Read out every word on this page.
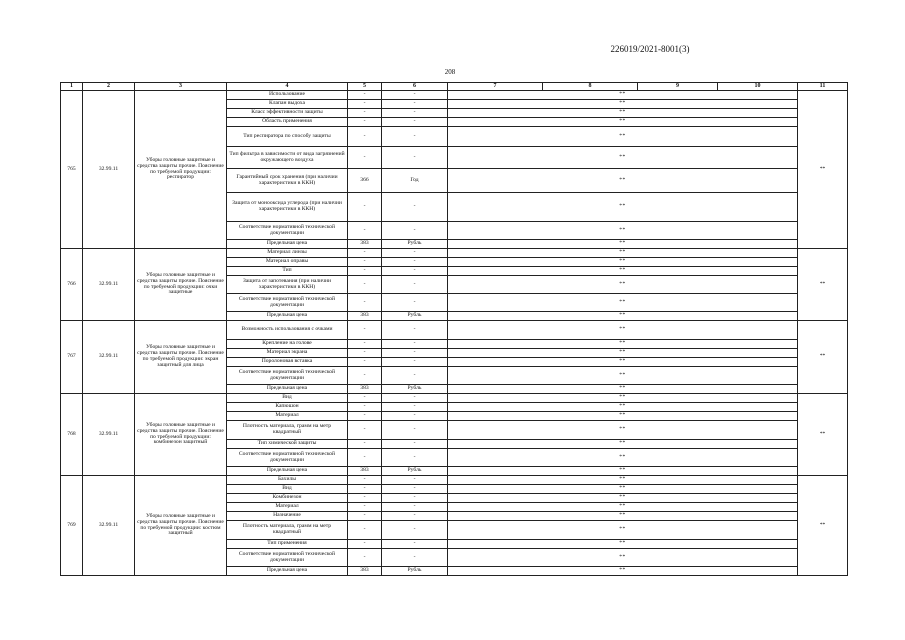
226019/2021-8001(3)
208
1	2	3	4	5	6	7	8	9	10	11
765	32.99.11	Уборы головные защитные и средства защиты прочие. Пояснение по требуемой продукции: респиратор	Использование	-	-	**				**
			Клапан выдоха	-	-	**				
			Класс эффективности защиты	-	-	**				
			Область применения	-	-	**				
			Тип респиратора по способу защиты	-	-	**				
			Тип фильтра в зависимости от вида загрязнений окружающего воздуха	-	-	**				
			Гарантийный срок хранения (при наличии характеристики в ККН)	366	Год	**				
			Защита от монооксида углерода (при наличии характеристики в ККН)	-	-	**				
			Соответствие нормативной технической документации	-	-	**				
			Предельная цена	383	Рубль	**				
766	32.99.11	Уборы головные защитные и средства защиты прочие. Пояснение по требуемой продукции: очки защитные	Материал линзы	-	-	**				**
			Материал оправы	-	-	**				
			Тип	-	-	**				
			Защита от запотевания (при наличии характеристики в ККН)	-	-	**				
			Соответствие нормативной технической документации	-	-	**				
			Предельная цена	383	Рубль	**				
767	32.99.11	Уборы головные защитные и средства защиты прочие. Пояснение по требуемой продукции: экран защитный для лица	Возможность использования с очками	-	-	**				**
			Крепление на голове	-	-	**				
			Материал экрана	-	-	**				
			Поролоновая вставка	-	-	**				
			Соответствие нормативной технической документации	-	-	**				
			Предельная цена	383	Рубль	**				
768	32.99.11	Уборы головные защитные и средства защиты прочие. Пояснение по требуемой продукции: комбинезон защитный	Вид	-	-	**				**
			Капюшон	-	-	**				
			Материал	-	-	**				
			Плотность материала, грамм на метр квадратный	-	-	**				
			Тип химической защиты	-	-	**				
			Соответствие нормативной технической документации	-	-	**				
			Предельная цена	383	Рубль	**				
769	32.99.11	Уборы головные защитные и средства защиты прочие. Пояснение по требуемой продукции: костюм защитный	Бахилы	-	-	**				**
			Вид	-	-	**				
			Комбинезон	-	-	**				
			Материал	-	-	**				
			Назначение	-	-	**				
			Плотность материала, грамм на метр квадратный	-	-	**				
			Тип применения	-	-	**				
			Соответствие нормативной технической документации	-	-	**				
			Предельная цена	383	Рубль	**				
